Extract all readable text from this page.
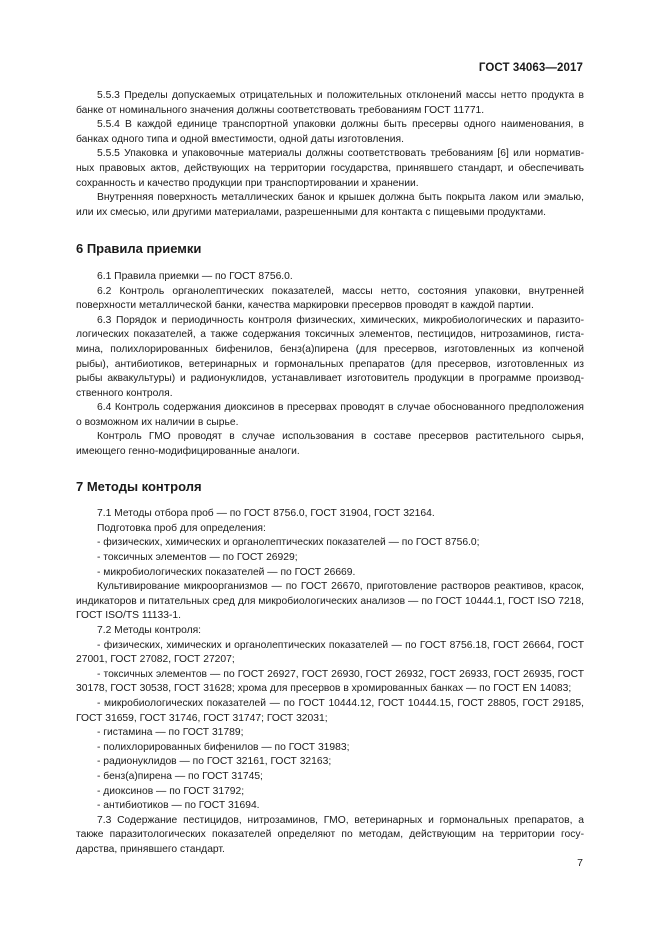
ГОСТ 34063—2017

5.5.3 Пределы допускаемых отрицательных и положительных отклонений массы нетто продукта в банке от номинального значения должны соответствовать требованиям ГОСТ 11771.

5.5.4 В каждой единице транспортной упаковки должны быть пресервы одного наименования, в банках одного типа и одной вместимости, одной даты изготовления.

5.5.5 Упаковка и упаковочные материалы должны соответствовать требованиям [6] или нормативных правовых актов, действующих на территории государства, принявшего стандарт, и обеспечивать сохранность и качество продукции при транспортировании и хранении.

Внутренняя поверхность металлических банок и крышек должна быть покрыта лаком или эмалью, или их смесью, или другими материалами, разрешенными для контакта с пищевыми продуктами.

6 Правила приемки

6.1 Правила приемки — по ГОСТ 8756.0.

6.2 Контроль органолептических показателей, массы нетто, состояния упаковки, внутренней поверхности металлической банки, качества маркировки пресервов проводят в каждой партии.

6.3 Порядок и периодичность контроля физических, химических, микробиологических и паразитологических показателей, а также содержания токсичных элементов, пестицидов, нитрозаминов, гистамина, полихлорированных бифенилов, бенз(а)пирена (для пресервов, изготовленных из копченой рыбы), антибиотиков, ветеринарных и гормональных препаратов (для пресервов, изготовленных из рыбы аквакультуры) и радионуклидов, устанавливает изготовитель продукции в программе производственного контроля.

6.4 Контроль содержания диоксинов в пресервах проводят в случае обоснованного предположения о возможном их наличии в сырье.

Контроль ГМО проводят в случае использования в составе пресервов растительного сырья, имеющего генно-модифицированные аналоги.

7 Методы контроля

7.1 Методы отбора проб — по ГОСТ 8756.0, ГОСТ 31904, ГОСТ 32164.

Подготовка проб для определения:

- физических, химических и органолептических показателей — по ГОСТ 8756.0;

- токсичных элементов — по ГОСТ 26929;

- микробиологических показателей — по ГОСТ 26669.

Культивирование микроорганизмов — по ГОСТ 26670, приготовление растворов реактивов, красок, индикаторов и питательных сред для микробиологических анализов — по ГОСТ 10444.1, ГОСТ ISO 7218, ГОСТ ISO/TS 11133-1.

7.2 Методы контроля:

- физических, химических и органолептических показателей — по ГОСТ 8756.18, ГОСТ 26664, ГОСТ 27001, ГОСТ 27082, ГОСТ 27207;

- токсичных элементов — по ГОСТ 26927, ГОСТ 26930, ГОСТ 26932, ГОСТ 26933, ГОСТ 26935, ГОСТ 30178, ГОСТ 30538, ГОСТ 31628; хрома для пресервов в хромированных банках — по ГОСТ EN 14083;

- микробиологических показателей — по ГОСТ 10444.12, ГОСТ 10444.15, ГОСТ 28805, ГОСТ 29185, ГОСТ 31659, ГОСТ 31746, ГОСТ 31747; ГОСТ 32031;

- гистамина — по ГОСТ 31789;

- полихлорированных бифенилов — по ГОСТ 31983;

- радионуклидов — по ГОСТ 32161, ГОСТ 32163;

- бенз(а)пирена — по ГОСТ 31745;

- диоксинов — по ГОСТ 31792;

- антибиотиков — по ГОСТ 31694.

7.3 Содержание пестицидов, нитрозаминов, ГМО, ветеринарных и гормональных препаратов, а также паразитологических показателей определяют по методам, действующим на территории государства, принявшего стандарт.

7
